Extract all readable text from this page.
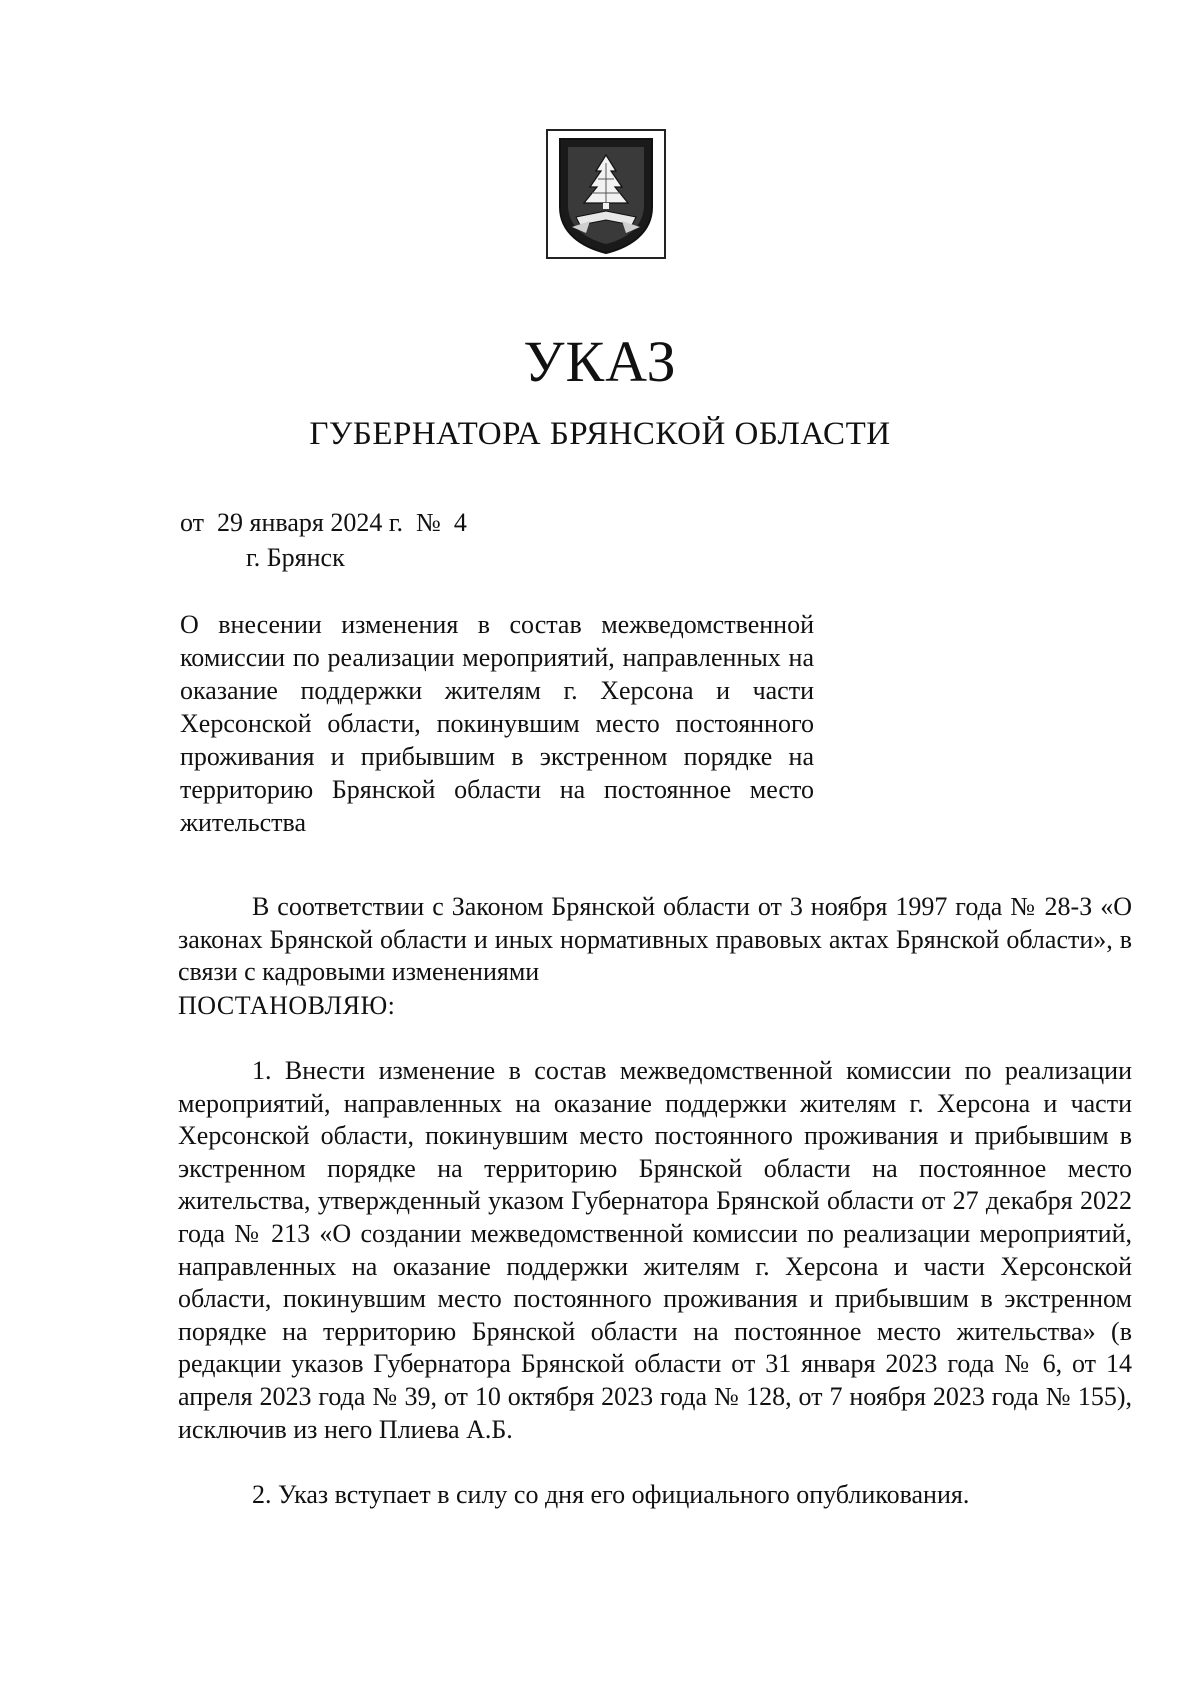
УКАЗ
ГУБЕРНАТОРА БРЯНСКОЙ ОБЛАСТИ
от  29 января 2024 г.  №  4
г. Брянск
О внесении изменения в состав межведомственной комиссии по реализации мероприятий, направленных на оказание поддержки жителям г. Херсона и части Херсонской области, покинувшим место постоянного проживания и прибывшим в экстренном порядке на территорию Брянской области на постоянное место жительства
В соответствии с Законом Брянской области от 3 ноября 1997 года № 28-З «О законах Брянской области и иных нормативных правовых актах Брянской области», в связи с кадровыми изменениями
ПОСТАНОВЛЯЮ:
1. Внести изменение в состав межведомственной комиссии по реализации мероприятий, направленных на оказание поддержки жителям г. Херсона и части Херсонской области, покинувшим место постоянного проживания и прибывшим в экстренном порядке на территорию Брянской области на постоянное место жительства, утвержденный указом Губернатора Брянской области от 27 декабря 2022 года № 213 «О создании межведомственной комиссии по реализации мероприятий, направленных на оказание поддержки жителям г. Херсона и части Херсонской области, покинувшим место постоянного проживания и прибывшим в экстренном порядке на территорию Брянской области на постоянное место жительства» (в редакции указов Губернатора Брянской области от 31 января 2023 года № 6, от 14 апреля 2023 года № 39, от 10 октября 2023 года № 128, от 7 ноября 2023 года № 155), исключив из него Плиева А.Б.
2. Указ вступает в силу со дня его официального опубликования.
